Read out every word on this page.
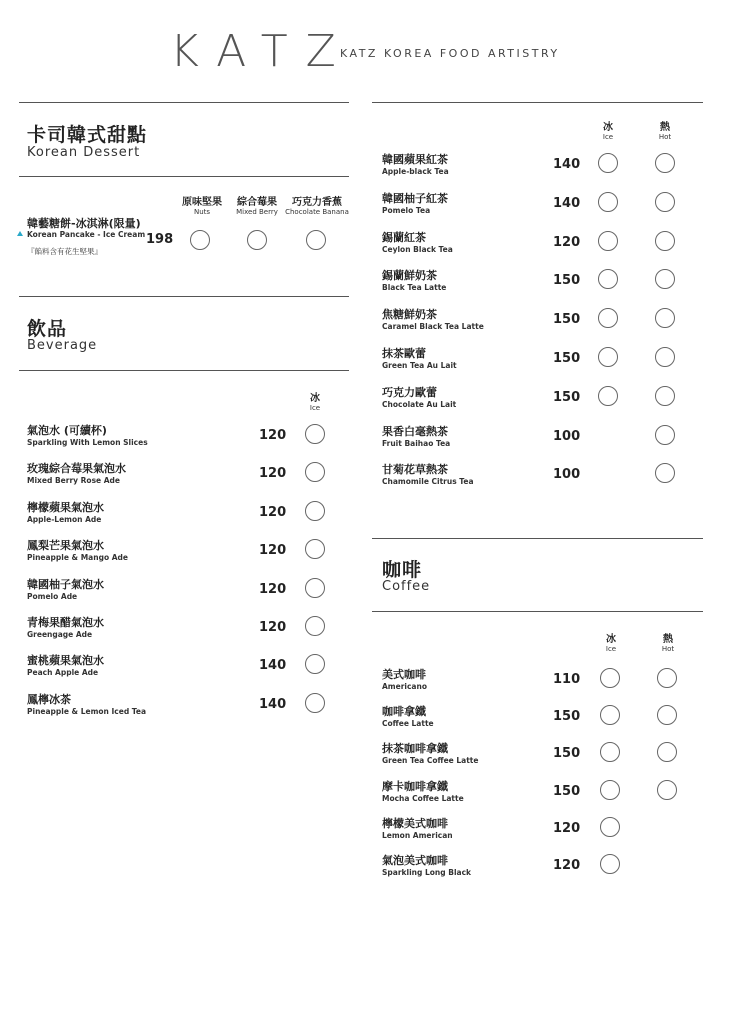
KATZ
KATZ KOREA FOOD ARTISTRY
卡司韓式甜點
Korean Dessert
原味堅果
Nuts
綜合莓果
Mixed Berry
巧克力香蕉
Chocolate Banana
韓藝糖餅-冰淇淋(限量)
Korean Pancake - Ice Cream
『餡料含有花生堅果』
198
飲品
Beverage
冰
Ice
氣泡水 (可續杯)
Sparkling With Lemon Slices	120
玫瑰綜合莓果氣泡水
Mixed Berry Rose Ade	120
檸檬蘋果氣泡水
Apple-Lemon Ade	120
鳳梨芒果氣泡水
Pineapple & Mango Ade	120
韓國柚子氣泡水
Pomelo Ade	120
青梅果醋氣泡水
Greengage Ade	120
蜜桃蘋果氣泡水
Peach Apple Ade	140
鳳檸冰茶
Pineapple & Lemon Iced Tea	140
冰
Ice
熱
Hot
韓國蘋果紅茶
Apple-black Tea	140
韓國柚子紅茶
Pomelo Tea	140
錫蘭紅茶
Ceylon Black Tea	120
錫蘭鮮奶茶
Black Tea Latte	150
焦糖鮮奶茶
Caramel Black Tea Latte	150
抹茶歐蕾
Green Tea Au Lait	150
巧克力歐蕾
Chocolate Au Lait	150
果香白毫熱茶
Fruit Baihao Tea	100
甘菊花草熱茶
Chamomile Citrus Tea	100
咖啡
Coffee
冰
Ice
熱
Hot
美式咖啡
Americano	110
咖啡拿鐵
Coffee Latte	150
抹茶咖啡拿鐵
Green Tea Coffee Latte	150
摩卡咖啡拿鐵
Mocha Coffee Latte	150
檸檬美式咖啡
Lemon American	120
氣泡美式咖啡
Sparkling Long Black	120
